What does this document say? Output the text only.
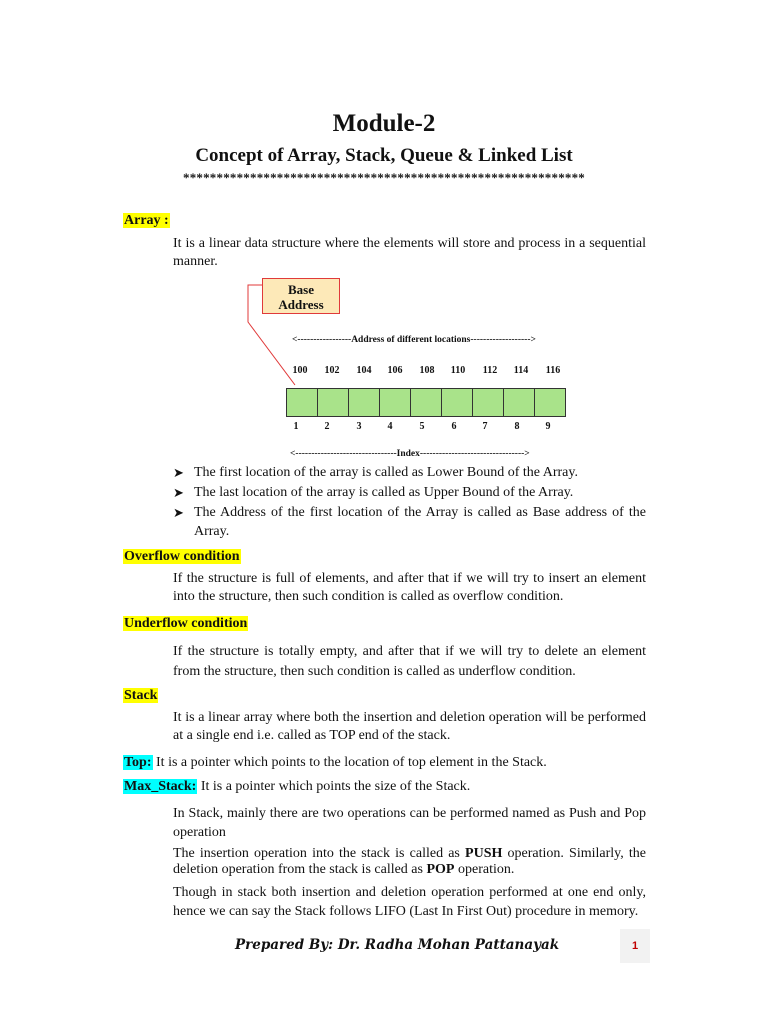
Module-2
Concept of Array, Stack, Queue & Linked List
************************************************************
Array :
It is a linear data structure where the elements will store and process in a sequential manner.
Base
Address
<-----------------Address of different locations------------------->
100	102	104	106	108	110	112	114	116
1	2	3	4	5	6	7	8	9
<--------------------------------Index--------------------------------->
➤ The first location of the array is called as Lower Bound of the Array.
➤ The last location of the array is called as Upper Bound of the Array.
➤ The Address of the first location of the Array is called as Base address of the Array.
Overflow condition
If the structure is full of elements, and after that if we will try to insert an element into the structure, then such condition is called as overflow condition.
Underflow condition
If the structure is totally empty, and after that if we will try to delete an element from the structure, then such condition is called as underflow condition.
Stack
It is a linear array where both the insertion and deletion operation will be performed at a single end i.e. called as TOP end of the stack.
Top: It is a pointer which points to the location of top element in the Stack.
Max_Stack: It is a pointer which points the size of the Stack.
In Stack, mainly there are two operations can be performed named as Push and Pop operation
The insertion operation into the stack is called as PUSH operation. Similarly, the deletion operation from the stack is called as POP operation.
Though in stack both insertion and deletion operation performed at one end only, hence we can say the Stack follows LIFO (Last In First Out) procedure in memory.
Prepared By: Dr. Radha Mohan Pattanayak	1
